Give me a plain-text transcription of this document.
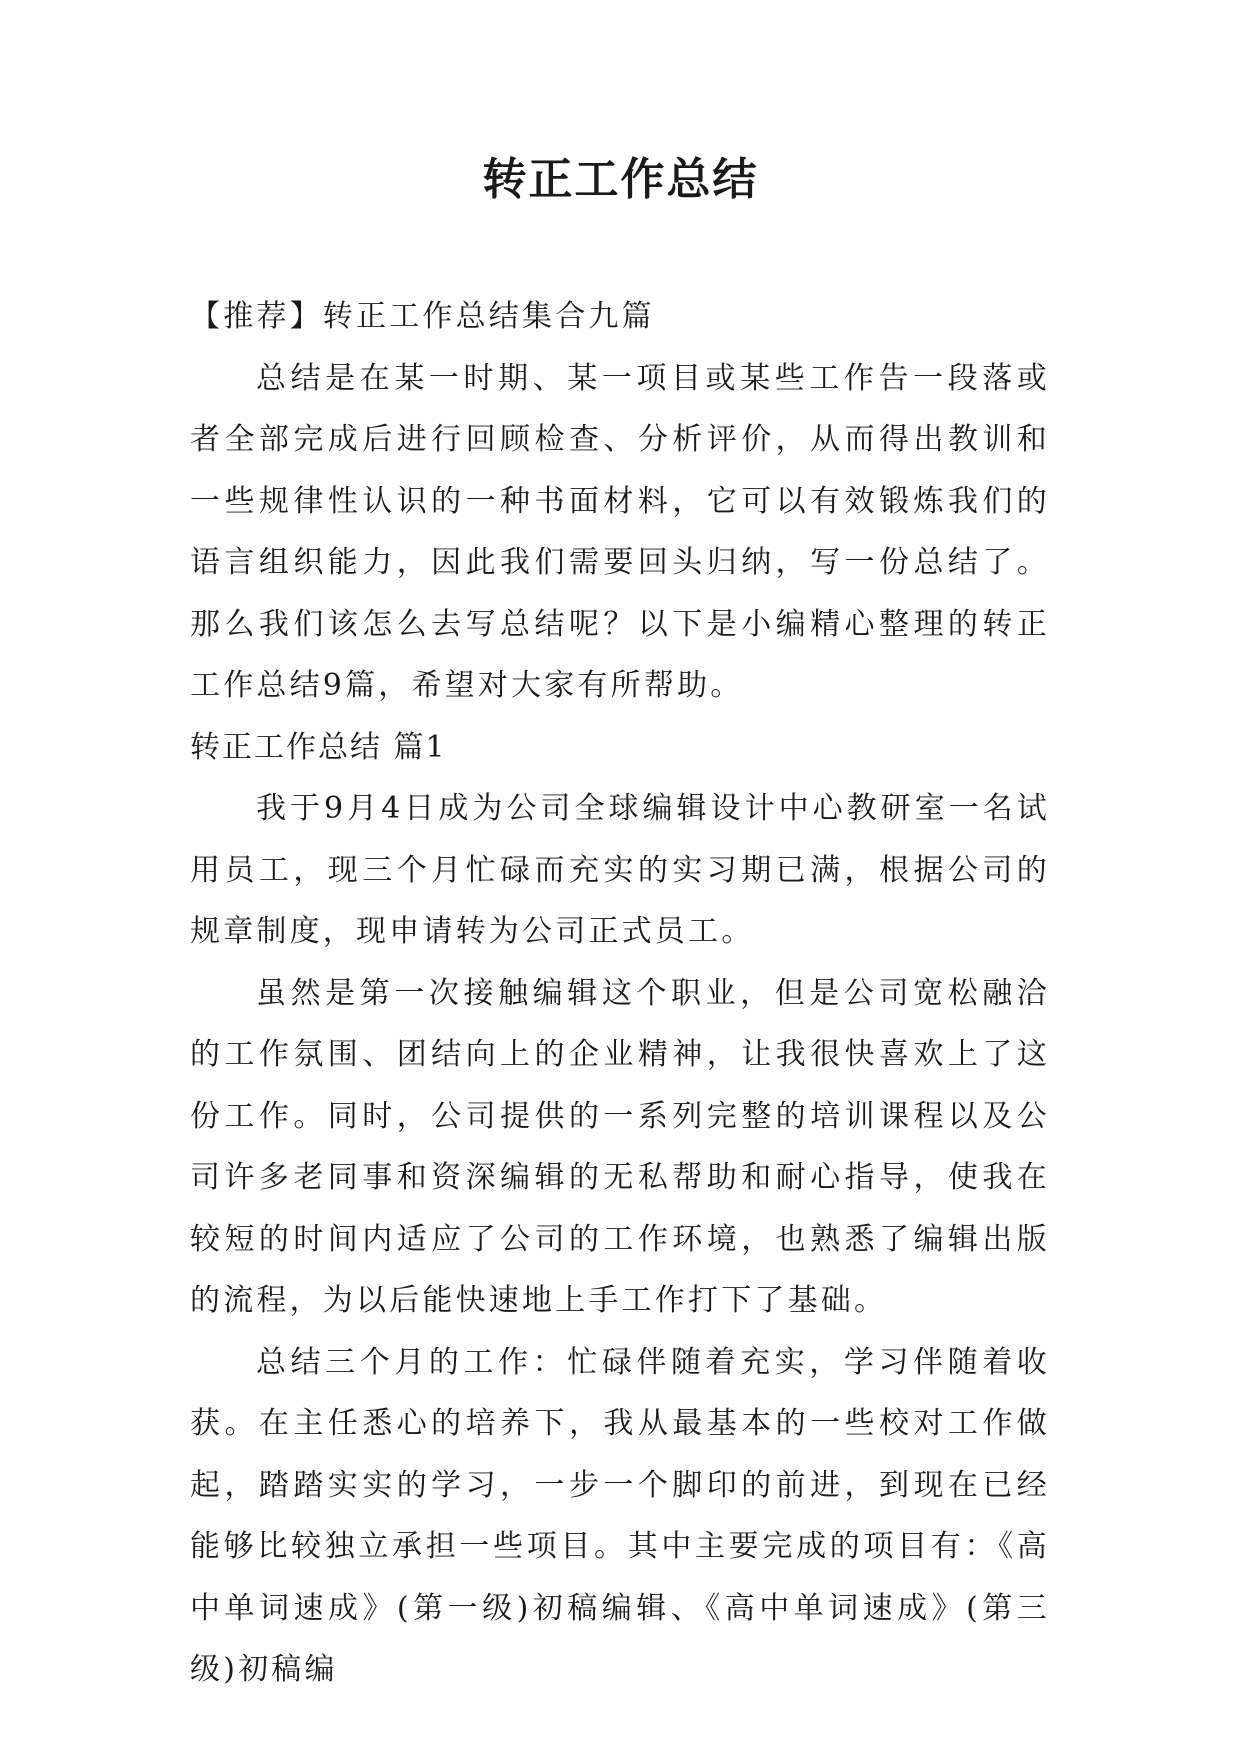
转正工作总结

【推荐】转正工作总结集合九篇

总结是在某一时期、某一项目或某些工作告一段落或者全部完成后进行回顾检查、分析评价，从而得出教训和一些规律性认识的一种书面材料，它可以有效锻炼我们的语言组织能力，因此我们需要回头归纳，写一份总结了。那么我们该怎么去写总结呢？以下是小编精心整理的转正工作总结9篇，希望对大家有所帮助。

转正工作总结 篇1

我于9月4日成为公司全球编辑设计中心教研室一名试用员工，现三个月忙碌而充实的实习期已满，根据公司的规章制度，现申请转为公司正式员工。

虽然是第一次接触编辑这个职业，但是公司宽松融洽的工作氛围、团结向上的企业精神，让我很快喜欢上了这份工作。同时，公司提供的一系列完整的培训课程以及公司许多老同事和资深编辑的无私帮助和耐心指导，使我在较短的时间内适应了公司的工作环境，也熟悉了编辑出版的流程，为以后能快速地上手工作打下了基础。

总结三个月的工作：忙碌伴随着充实，学习伴随着收获。在主任悉心的培养下，我从最基本的一些校对工作做起，踏踏实实的学习，一步一个脚印的前进，到现在已经能够比较独立承担一些项目。其中主要完成的项目有：《高中单词速成》(第一级)初稿编辑、《高中单词速成》(第三级)初稿编
